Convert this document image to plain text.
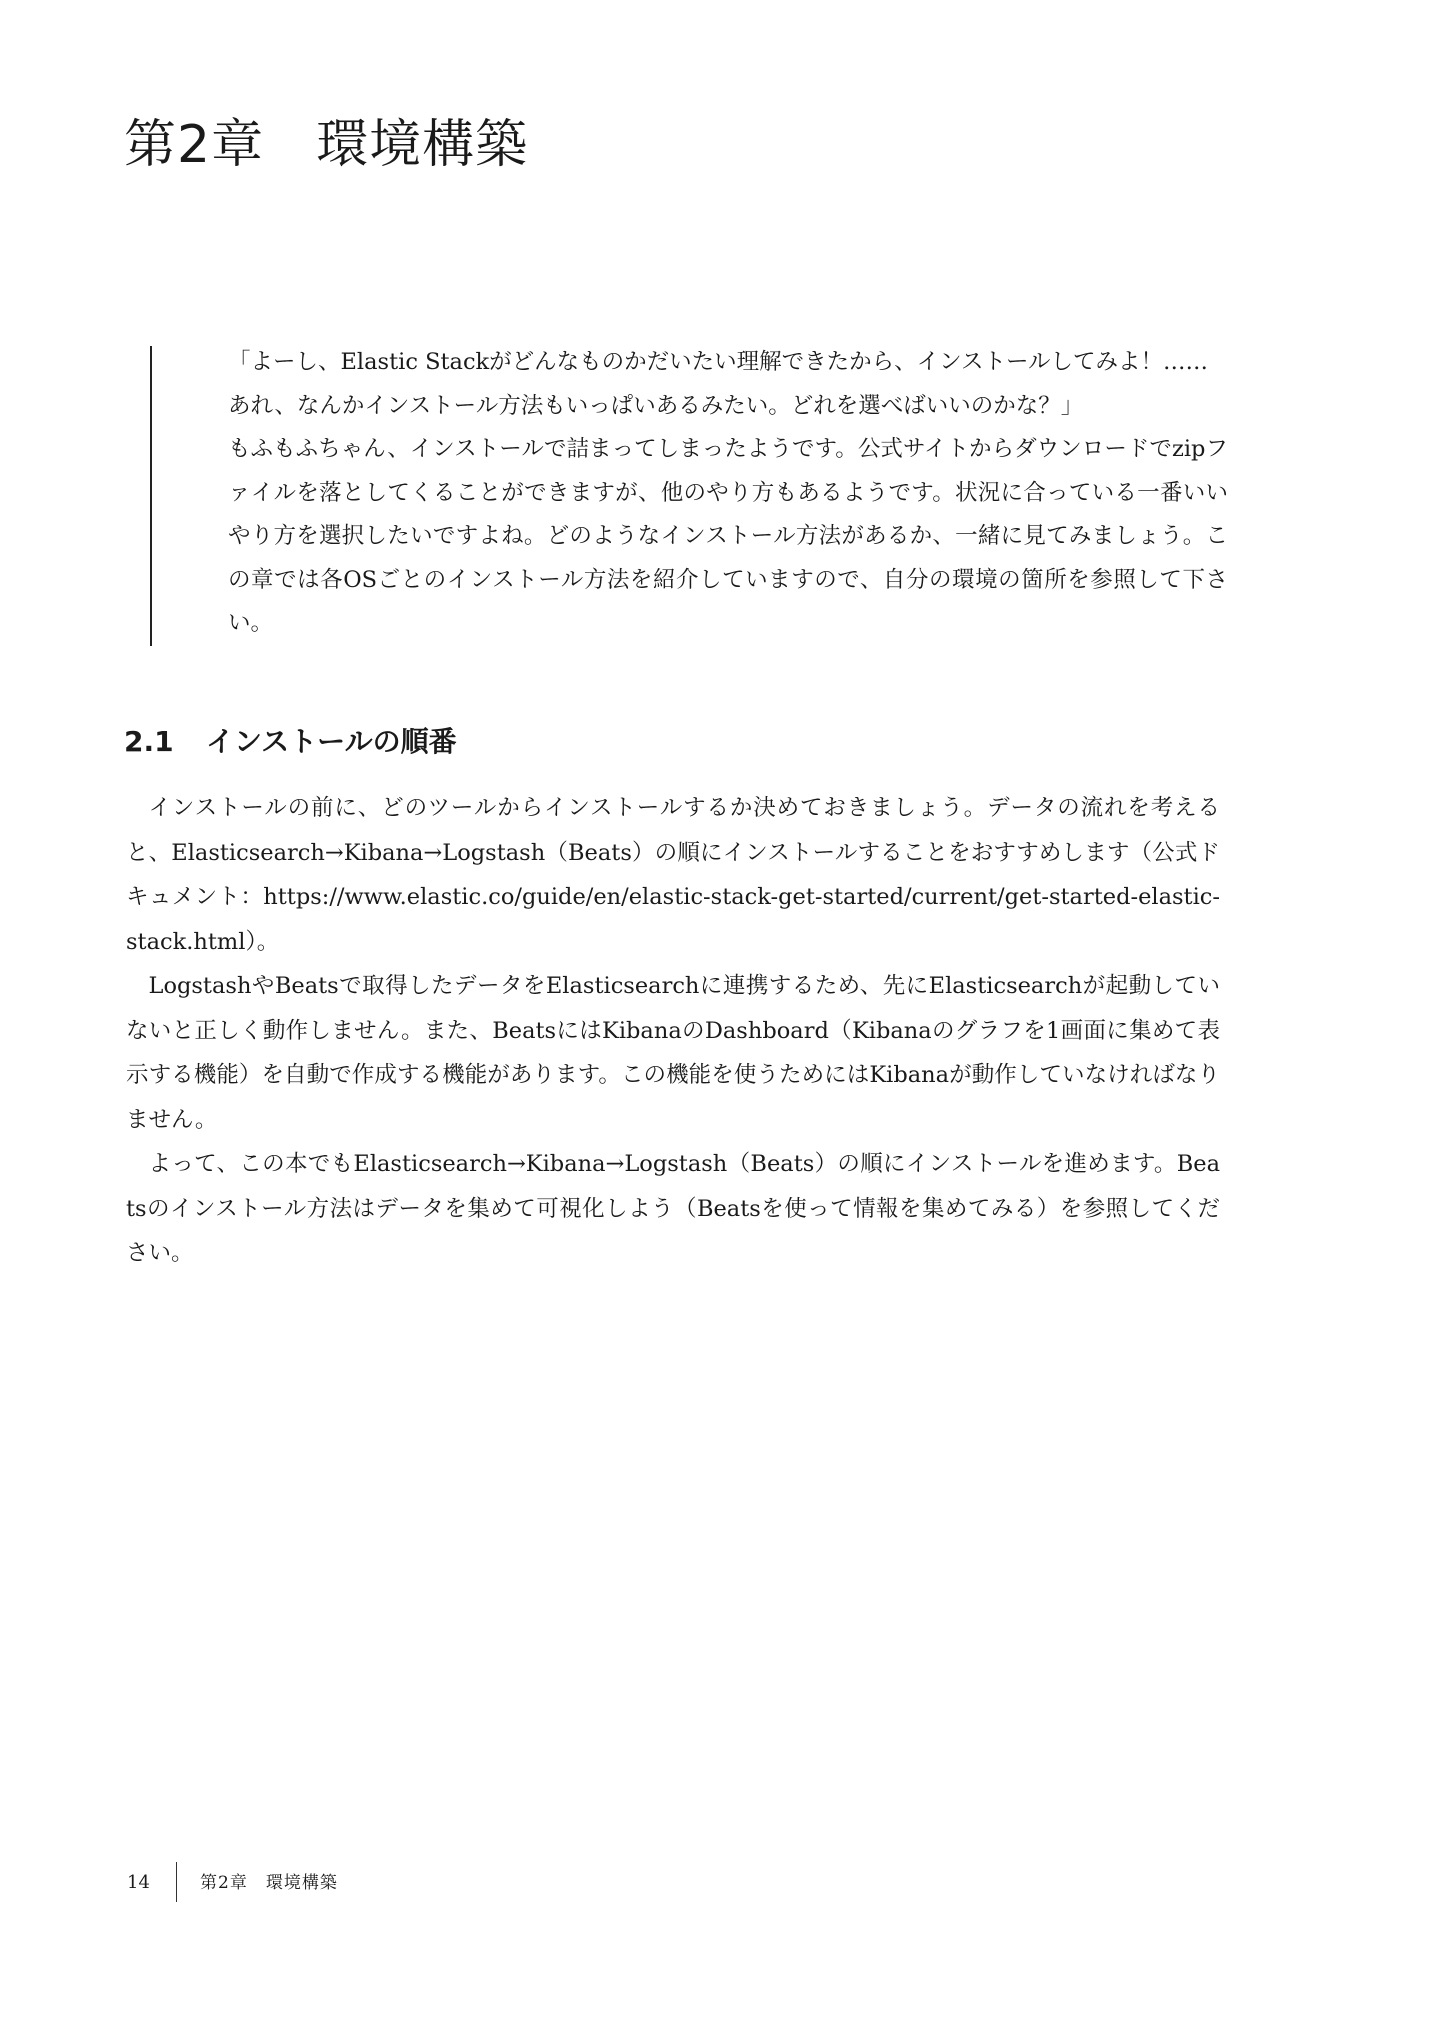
第2章 環境構築

「よーし、Elastic Stackがどんなものかだいたい理解できたから、インストールしてみよ！……

あれ、なんかインストール方法もいっぱいあるみたい。どれを選べばいいのかな？」

もふもふちゃん、インストールで詰まってしまったようです。公式サイトからダウンロードでzipファイルを落としてくることができますが、他のやり方もあるようです。状況に合っている一番いいやり方を選択したいですよね。どのようなインストール方法があるか、一緒に見てみましょう。この章では各OSごとのインストール方法を紹介していますので、自分の環境の箇所を参照して下さい。

2.1 インストールの順番

インストールの前に、どのツールからインストールするか決めておきましょう。データの流れを考えると、Elasticsearch→Kibana→Logstash（Beats）の順にインストールすることをおすすめします（公式ドキュメント：https://www.elastic.co/guide/en/elastic-stack-get-started/current/get-started-elastic-stack.html）。

LogstashやBeatsで取得したデータをElasticsearchに連携するため、先にElasticsearchが起動していないと正しく動作しません。また、BeatsにはKibanaのDashboard（Kibanaのグラフを1画面に集めて表示する機能）を自動で作成する機能があります。この機能を使うためにはKibanaが動作していなければなりません。

よって、この本でもElasticsearch→Kibana→Logstash（Beats）の順にインストールを進めます。Beatsのインストール方法はデータを集めて可視化しよう（Beatsを使って情報を集めてみる）を参照してください。

14	第2章　環境構築
